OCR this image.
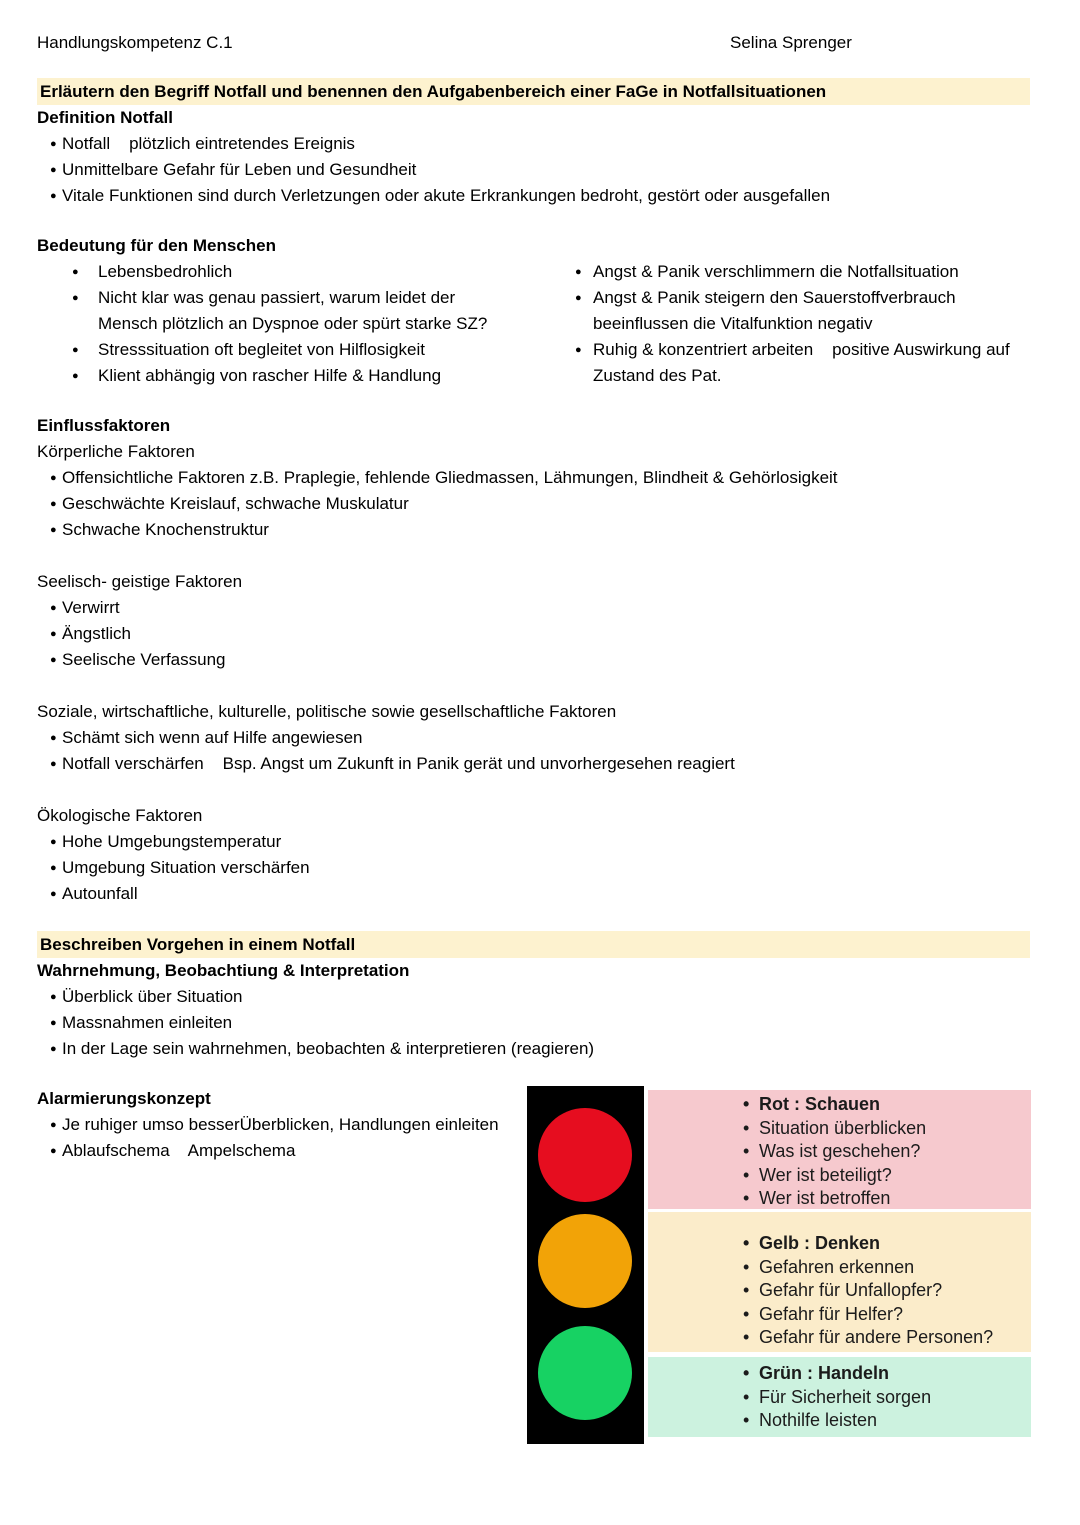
Handlungskompetenz C.1	Selina Sprenger
Erläutern den Begriff Notfall und benennen den Aufgabenbereich einer FaGe in Notfallsituationen
Definition Notfall
● Notfall    plötzlich eintretendes Ereignis
● Unmittelbare Gefahr für Leben und Gesundheit
● Vitale Funktionen sind durch Verletzungen oder akute Erkrankungen bedroht, gestört oder ausgefallen
Bedeutung für den Menschen
●	Lebensbedrohlich
●	Nicht klar was genau passiert, warum leidet der Mensch plötzlich an Dyspnoe oder spürt starke SZ?
●	Stresssituation oft begleitet von Hilflosigkeit
●	Klient abhängig von rascher Hilfe & Handlung
● Angst & Panik verschlimmern die Notfallsituation
● Angst & Panik steigern den Sauerstoffverbrauch beeinflussen die Vitalfunktion negativ
● Ruhig & konzentriert arbeiten    positive Auswirkung auf Zustand des Pat.
Einflussfaktoren
Körperliche Faktoren
● Offensichtliche Faktoren z.B. Praplegie, fehlende Gliedmassen, Lähmungen, Blindheit & Gehörlosigkeit
● Geschwächte Kreislauf, schwache Muskulatur
● Schwache Knochenstruktur
Seelisch- geistige Faktoren
● Verwirrt
● Ängstlich
● Seelische Verfassung
Soziale, wirtschaftliche, kulturelle, politische sowie gesellschaftliche Faktoren
● Schämt sich wenn auf Hilfe angewiesen
● Notfall verschärfen    Bsp. Angst um Zukunft in Panik gerät und unvorhergesehen reagiert
Ökologische Faktoren
● Hohe Umgebungstemperatur
● Umgebung Situation verschärfen
● Autounfall
Beschreiben Vorgehen in einem Notfall
Wahrnehmung, Beobachtiung & Interpretation
● Überblick über Situation
● Massnahmen einleiten
● In der Lage sein wahrnehmen, beobachten & interpretieren (reagieren)
Alarmierungskonzept
● Je ruhiger umso besserÜberblicken, Handlungen einleiten
● Ablaufschema    Ampelschema
• Rot : Schauen
• Situation überblicken
• Was ist geschehen?
• Wer ist beteiligt?
• Wer ist betroffen
• Gelb : Denken
• Gefahren erkennen
• Gefahr für Unfallopfer?
• Gefahr für Helfer?
• Gefahr für andere Personen?
• Grün : Handeln
• Für Sicherheit sorgen
• Nothilfe leisten
